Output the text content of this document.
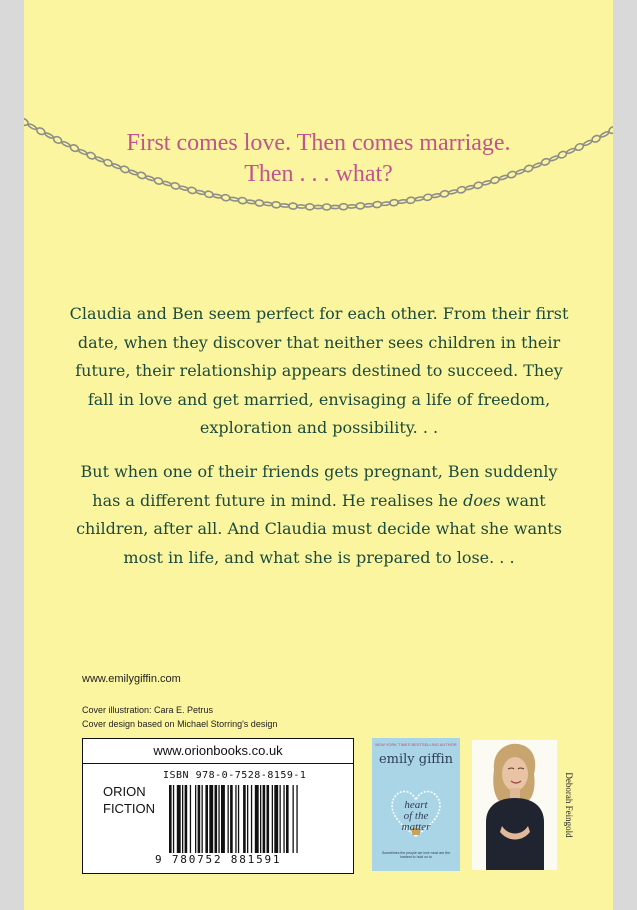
First comes love. Then comes marriage.
Then . . . what?

Claudia and Ben seem perfect for each other. From their first date, when they discover that neither sees children in their future, their relationship appears destined to succeed. They fall in love and get married, envisaging a life of freedom, exploration and possibility. . .

But when one of their friends gets pregnant, Ben suddenly has a different future in mind. He realises he does want children, after all. And Claudia must decide what she wants most in life, and what she is prepared to lose. . .

www.emilygiffin.com
Cover illustration: Cara E. Petrus
Cover design based on Michael Storring's design
www.orionbooks.co.uk
ORION
FICTION
ISBN 978-0-7528-8159-1
9 780752 881591
NEW YORK TIMES BESTSELLING AUTHOR
emily giffin
heart
of the
matter
Sometimes the people we love most are the hardest to hold on to
Deborah Feingold
